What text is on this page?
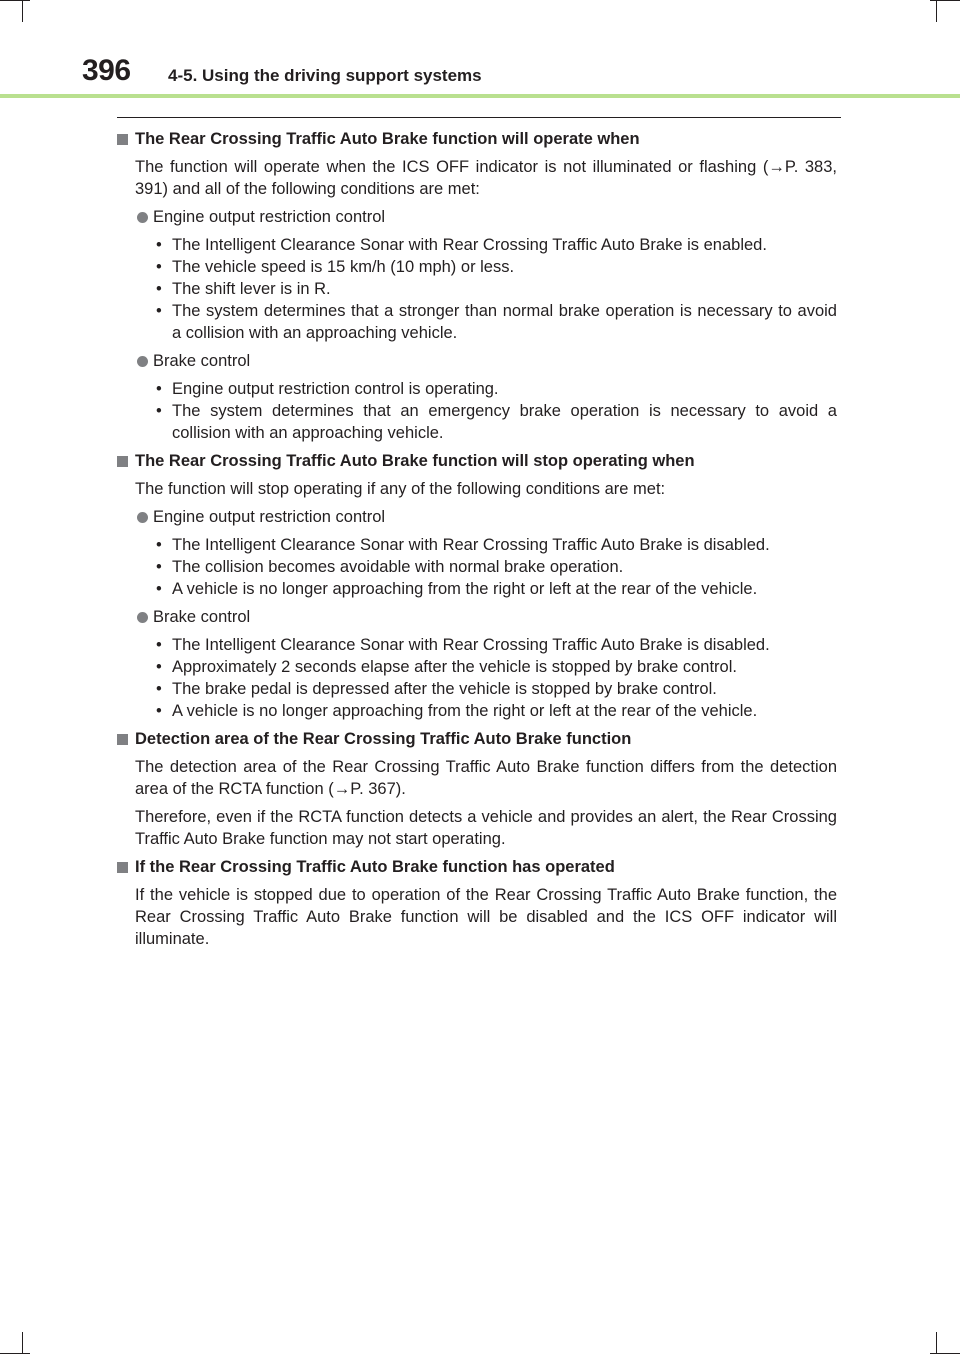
396 4-5. Using the driving support systems
The Rear Crossing Traffic Auto Brake function will operate when
The function will operate when the ICS OFF indicator is not illuminated or flashing (→P. 383, 391) and all of the following conditions are met:
Engine output restriction control
• The Intelligent Clearance Sonar with Rear Crossing Traffic Auto Brake is enabled.
• The vehicle speed is 15 km/h (10 mph) or less.
• The shift lever is in R.
• The system determines that a stronger than normal brake operation is necessary to avoid a collision with an approaching vehicle.
Brake control
• Engine output restriction control is operating.
• The system determines that an emergency brake operation is necessary to avoid a collision with an approaching vehicle.
The Rear Crossing Traffic Auto Brake function will stop operating when
The function will stop operating if any of the following conditions are met:
Engine output restriction control
• The Intelligent Clearance Sonar with Rear Crossing Traffic Auto Brake is disabled.
• The collision becomes avoidable with normal brake operation.
• A vehicle is no longer approaching from the right or left at the rear of the vehicle.
Brake control
• The Intelligent Clearance Sonar with Rear Crossing Traffic Auto Brake is disabled.
• Approximately 2 seconds elapse after the vehicle is stopped by brake control.
• The brake pedal is depressed after the vehicle is stopped by brake control.
• A vehicle is no longer approaching from the right or left at the rear of the vehicle.
Detection area of the Rear Crossing Traffic Auto Brake function
The detection area of the Rear Crossing Traffic Auto Brake function differs from the detection area of the RCTA function (→P. 367).
Therefore, even if the RCTA function detects a vehicle and provides an alert, the Rear Crossing Traffic Auto Brake function may not start operating.
If the Rear Crossing Traffic Auto Brake function has operated
If the vehicle is stopped due to operation of the Rear Crossing Traffic Auto Brake function, the Rear Crossing Traffic Auto Brake function will be disabled and the ICS OFF indicator will illuminate.
